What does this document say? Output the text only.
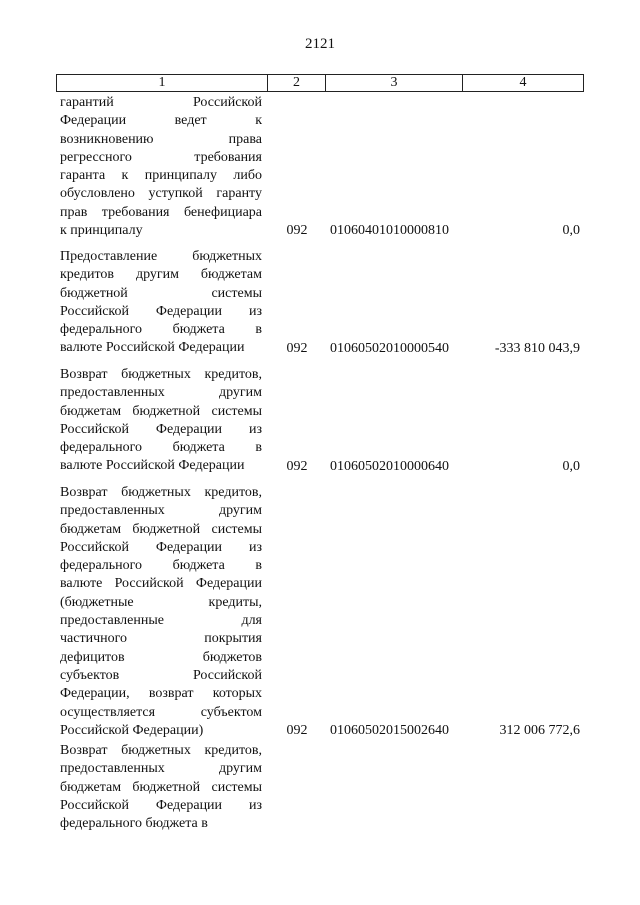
2121
1	2	3	4
гарантий Российской
Федерации ведет к
возникновению права
регрессного требования
гаранта к принципалу либо
обусловлено уступкой гаранту
прав требования бенефициара
к принципалу	092	01060401010000810	0,0
Предоставление бюджетных
кредитов другим бюджетам
бюджетной системы
Российской Федерации из
федерального бюджета в
валюте Российской Федерации	092	01060502010000540	-333 810 043,9
Возврат бюджетных кредитов,
предоставленных другим
бюджетам бюджетной системы
Российской Федерации из
федерального бюджета в
валюте Российской Федерации	092	01060502010000640	0,0
Возврат бюджетных кредитов,
предоставленных другим
бюджетам бюджетной системы
Российской Федерации из
федерального бюджета в
валюте Российской Федерации
(бюджетные кредиты,
предоставленные для
частичного покрытия
дефицитов бюджетов
субъектов Российской
Федерации, возврат которых
осуществляется субъектом
Российской Федерации)	092	01060502015002640	312 006 772,6
Возврат бюджетных кредитов,
предоставленных другим
бюджетам бюджетной системы
Российской Федерации из
федерального бюджета в
